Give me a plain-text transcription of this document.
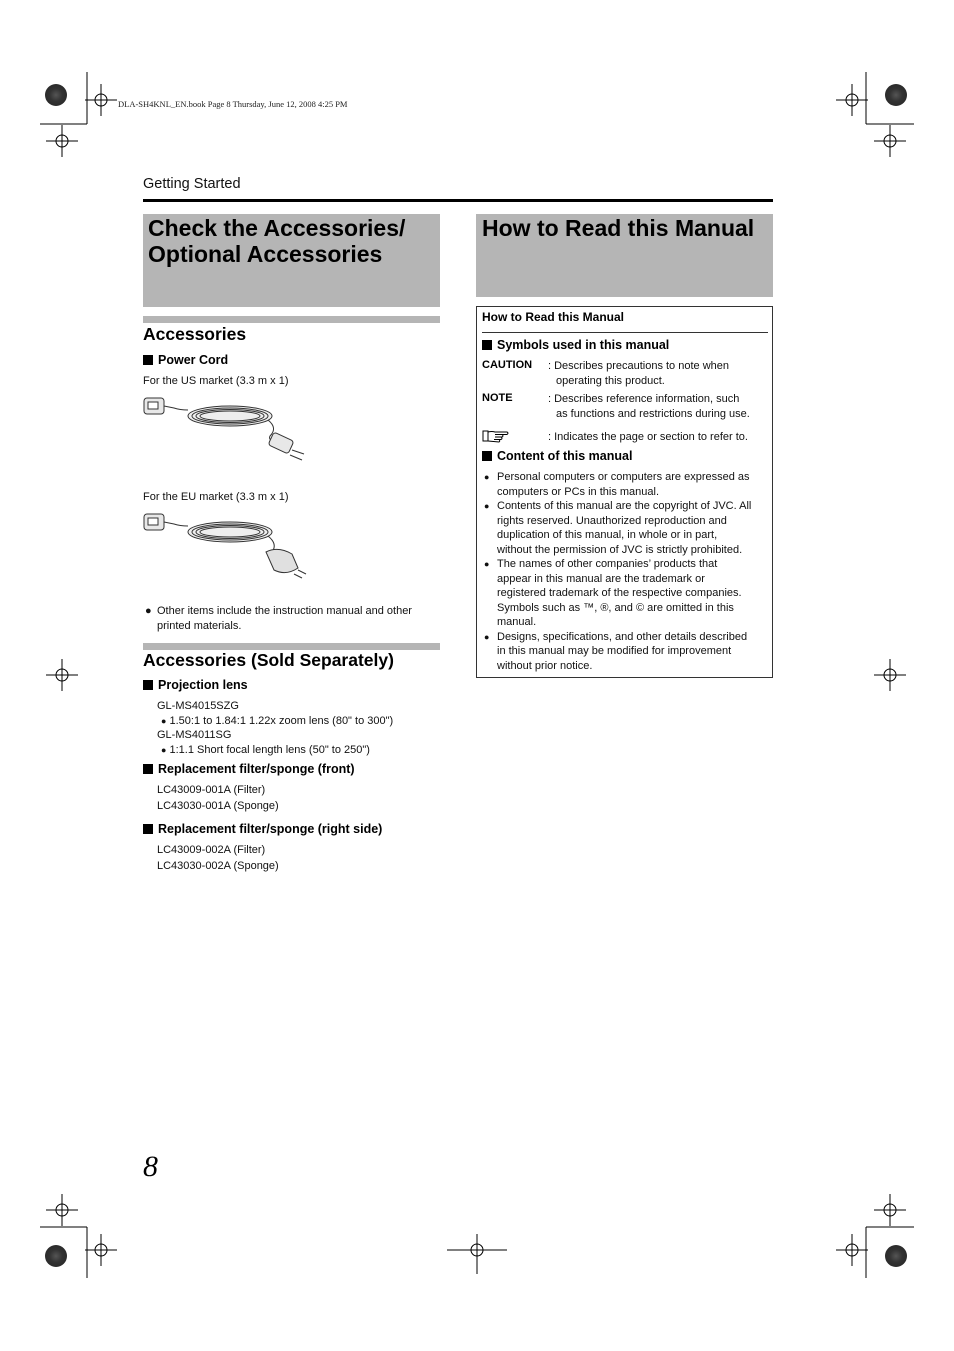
DLA-SH4KNL_EN.book Page 8 Thursday, June 12, 2008 4:25 PM
Getting Started
Check the Accessories/
Optional Accessories
Accessories
Power Cord
For the US market (3.3 m x 1)
For the EU market (3.3 m x 1)
● Other items include the instruction manual and other
printed materials.
Accessories (Sold Separately)
Projection lens
GL-MS4015SZG
● 1.50:1 to 1.84:1 1.22x zoom lens (80" to 300")
GL-MS4011SG
● 1:1.1 Short focal length lens (50" to 250")
Replacement filter/sponge (front)
LC43009-001A (Filter)
LC43030-001A (Sponge)
Replacement filter/sponge (right side)
LC43009-002A (Filter)
LC43030-002A (Sponge)
How to Read this Manual
How to Read this Manual
Symbols used in this manual
CAUTION : Describes precautions to note when
operating this product.
NOTE	: Describes reference information, such
as functions and restrictions during use.
: Indicates the page or section to refer to.
Content of this manual
● Personal computers or computers are expressed as
computers or PCs in this manual.

● Contents of this manual are the copyright of JVC. All
rights reserved. Unauthorized reproduction and
duplication of this manual, in whole or in part,
without the permission of JVC is strictly prohibited.

● The names of other companies’ products that
appear in this manual are the trademark or
registered trademark of the respective companies.
Symbols such as ™, ®, and © are omitted in this
manual.

● Designs, specifications, and other details described
in this manual may be modified for improvement
without prior notice.

8
